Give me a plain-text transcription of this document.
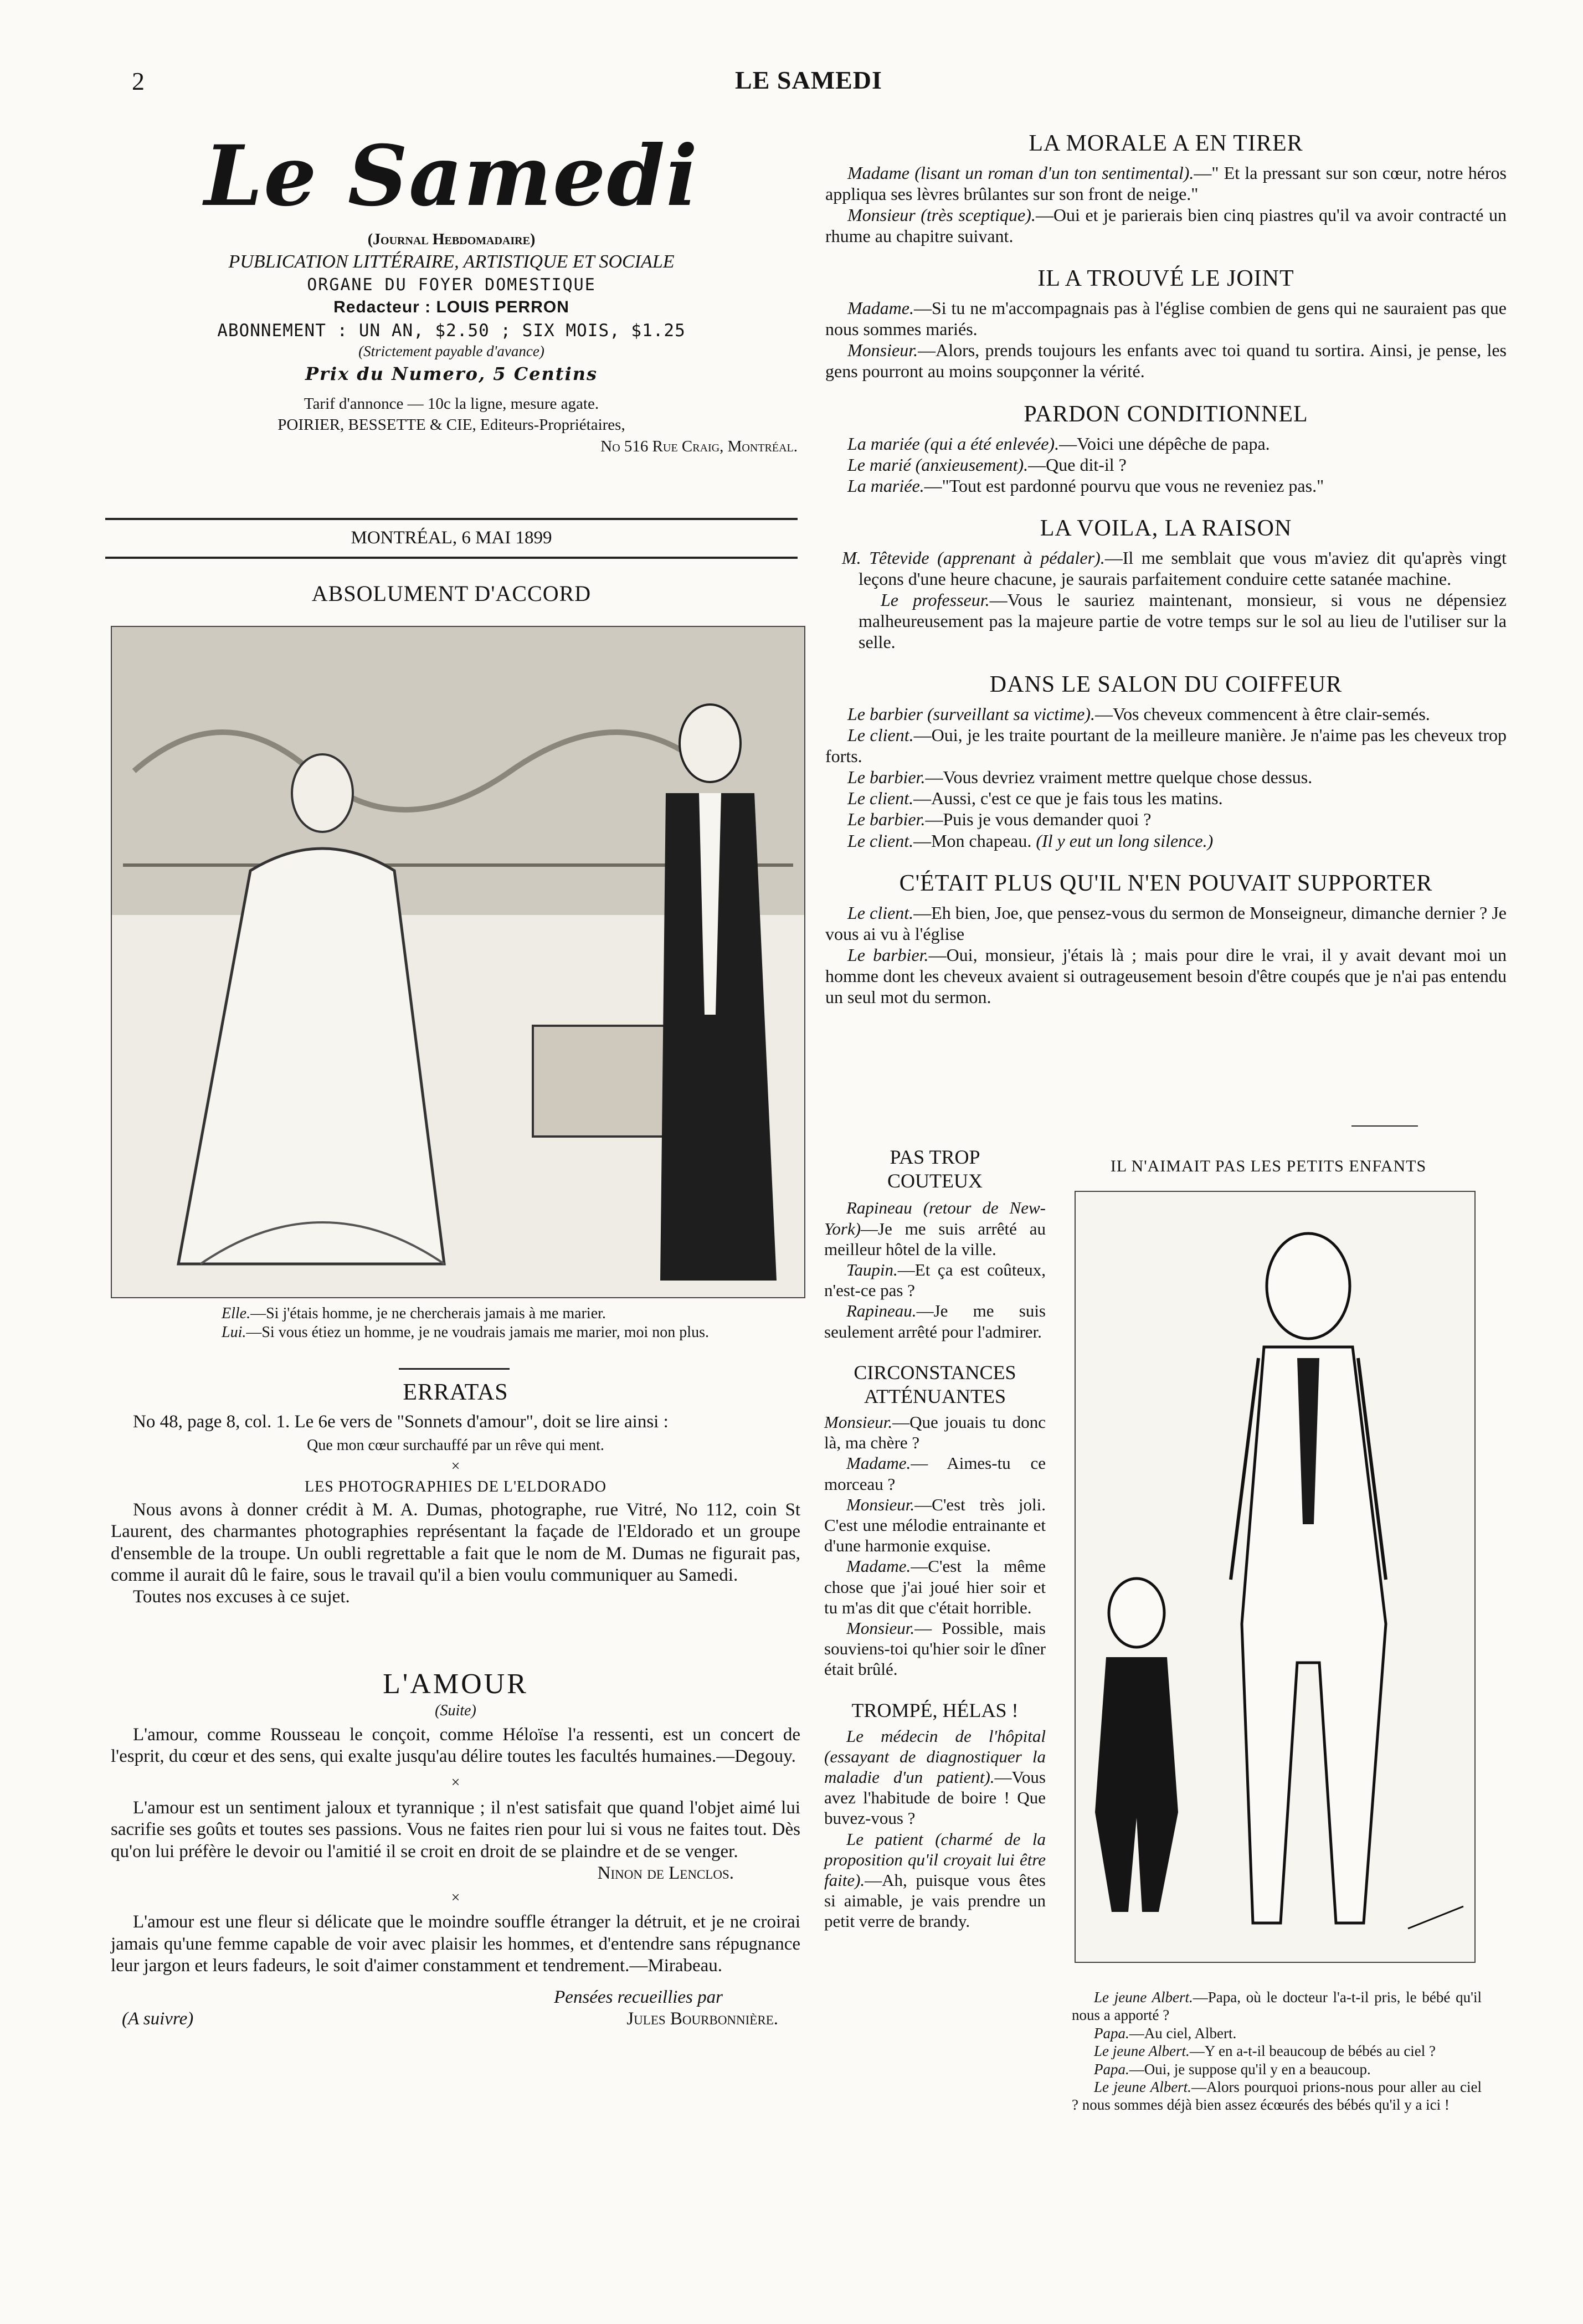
2	LE SAMEDI
Le Samedi
(Journal Hebdomadaire)
PUBLICATION LITTÉRAIRE, ARTISTIQUE ET SOCIALE
ORGANE DU FOYER DOMESTIQUE
Redacteur : LOUIS PERRON
ABONNEMENT : UN AN, $2.50 ; SIX MOIS, $1.25
(Strictement payable d'avance)
Prix du Numero, 5 Centins
Tarif d'annonce — 10c la ligne, mesure agate.
POIRIER, BESSETTE & CIE, Editeurs-Propriétaires,
No 516 Rue Craig, Montréal.
MONTRÉAL, 6 MAI 1899
ABSOLUMENT D'ACCORD

Elle.—Si j'étais homme, je ne chercherais jamais à me marier.

Lui.—Si vous étiez un homme, je ne voudrais jamais me marier, moi non plus.

ERRATAS

No 48, page 8, col. 1. Le 6e vers de "Sonnets d'amour", doit se lire ainsi :

Que mon cœur surchauffé par un rêve qui ment.

×

LES PHOTOGRAPHIES DE L'ELDORADO

Nous avons à donner crédit à M. A. Dumas, photographe, rue Vitré, No 112, coin St Laurent, des charmantes photographies représentant la façade de l'Eldorado et un groupe d'ensemble de la troupe. Un oubli regrettable a fait que le nom de M. Dumas ne figurait pas, comme il aurait dû le faire, sous le travail qu'il a bien voulu communiquer au Samedi.

Toutes nos excuses à ce sujet.

L'AMOUR
(Suite)

L'amour, comme Rousseau le conçoit, comme Héloïse l'a ressenti, est un concert de l'esprit, du cœur et des sens, qui exalte jusqu'au délire toutes les facultés humaines.—Degouy.

×

L'amour est un sentiment jaloux et tyrannique ; il n'est satisfait que quand l'objet aimé lui sacrifie ses goûts et toutes ses passions. Vous ne faites rien pour lui si vous ne faites tout. Dès qu'on lui préfère le devoir ou l'amitié il se croit en droit de se plaindre et de se venger.

Ninon de Lenclos.

×

L'amour est une fleur si délicate que le moindre souffle étranger la détruit, et je ne croirai jamais qu'une femme capable de voir avec plaisir les hommes, et d'entendre sans répugnance leur jargon et leurs fadeurs, le soit d'aimer constamment et tendrement.—Mirabeau.

Pensées recueillies par

(A suivre)	Jules Bourbonnière.
LA MORALE A EN TIRER

Madame (lisant un roman d'un ton sentimental).—" Et la pressant sur son cœur, notre héros appliqua ses lèvres brûlantes sur son front de neige."

Monsieur (très sceptique).—Oui et je parierais bien cinq piastres qu'il va avoir contracté un rhume au chapitre suivant.

IL A TROUVÉ LE JOINT

Madame.—Si tu ne m'accompagnais pas à l'église combien de gens qui ne sauraient pas que nous sommes mariés.

Monsieur.—Alors, prends toujours les enfants avec toi quand tu sortira. Ainsi, je pense, les gens pourront au moins soupçonner la vérité.

PARDON CONDITIONNEL

La mariée (qui a été enlevée).—Voici une dépêche de papa.

Le marié (anxieusement).—Que dit-il ?

La mariée.—"Tout est pardonné pourvu que vous ne reveniez pas."

LA VOILA, LA RAISON

M. Têtevide (apprenant à pédaler).—Il me semblait que vous m'aviez dit qu'après vingt leçons d'une heure chacune, je saurais parfaitement conduire cette satanée machine.

Le professeur.—Vous le sauriez maintenant, monsieur, si vous ne dépensiez malheureusement pas la majeure partie de votre temps sur le sol au lieu de l'utiliser sur la selle.

DANS LE SALON DU COIFFEUR

Le barbier (surveillant sa victime).—Vos cheveux commencent à être clair-semés.

Le client.—Oui, je les traite pourtant de la meilleure manière. Je n'aime pas les cheveux trop forts.

Le barbier.—Vous devriez vraiment mettre quelque chose dessus.

Le client.—Aussi, c'est ce que je fais tous les matins.

Le barbier.—Puis je vous demander quoi ?

Le client.—Mon chapeau. (Il y eut un long silence.)

C'ÉTAIT PLUS QU'IL N'EN POUVAIT SUPPORTER

Le client.—Eh bien, Joe, que pensez-vous du sermon de Monseigneur, dimanche dernier ? Je vous ai vu à l'église

Le barbier.—Oui, monsieur, j'étais là ; mais pour dire le vrai, il y avait devant moi un homme dont les cheveux avaient si outrageusement besoin d'être coupés que je n'ai pas entendu un seul mot du sermon.

PAS TROP
COUTEUX

Rapineau (retour de New-York)—Je me suis arrêté au meilleur hôtel de la ville.

Taupin.—Et ça est coûteux, n'est-ce pas ?

Rapineau.—Je me suis seulement arrêté pour l'admirer.

CIRCONSTANCES
ATTÉNUANTES

Monsieur.—Que jouais tu donc là, ma chère ?

Madame.— Aimes-tu ce morceau ?

Monsieur.—C'est très joli. C'est une mélodie entrainante et d'une harmonie exquise.

Madame.—C'est la même chose que j'ai joué hier soir et tu m'as dit que c'était horrible.

Monsieur.— Possible, mais souviens-toi qu'hier soir le dîner était brûlé.

TROMPÉ, HÉLAS !

Le médecin de l'hôpital (essayant de diagnostiquer la maladie d'un patient).—Vous avez l'habitude de boire ! Que buvez-vous ?

Le patient (charmé de la proposition qu'il croyait lui être faite).—Ah, puisque vous êtes si aimable, je vais prendre un petit verre de brandy.

IL N'AIMAIT PAS LES PETITS ENFANTS

Le jeune Albert.—Papa, où le docteur l'a-t-il pris, le bébé qu'il nous a apporté ?

Papa.—Au ciel, Albert.

Le jeune Albert.—Y en a-t-il beaucoup de bébés au ciel ?

Papa.—Oui, je suppose qu'il y en a beaucoup.

Le jeune Albert.—Alors pourquoi prions-nous pour aller au ciel ? nous sommes déjà bien assez écœurés des bébés qu'il y a ici !
